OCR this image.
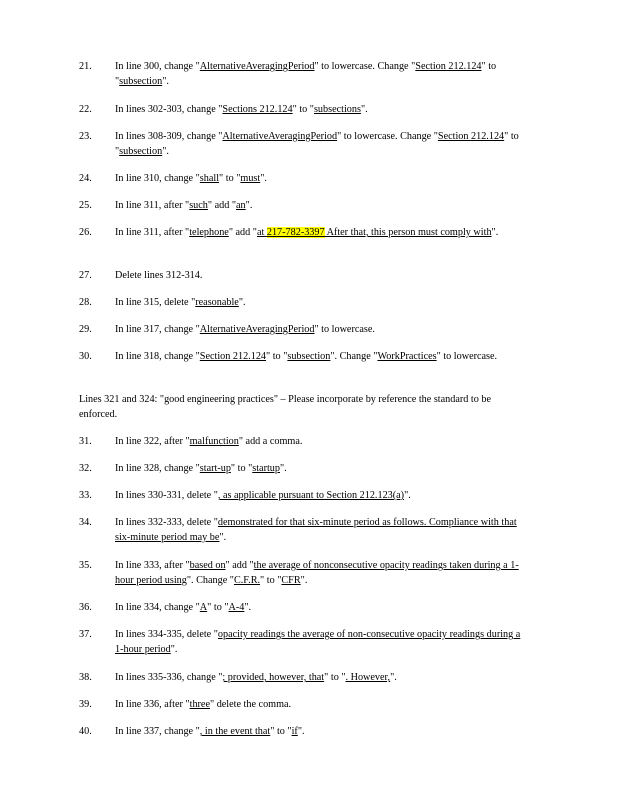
21. In line 300, change "AlternativeAveragingPeriod" to lowercase. Change "Section 212.124" to "subsection".
22. In lines 302-303, change "Sections 212.124" to "subsections".
23. In lines 308-309, change "AlternativeAveragingPeriod" to lowercase. Change "Section 212.124" to "subsection".
24. In line 310, change "shall" to "must".
25. In line 311, after "such" add "an".
26. In line 311, after "telephone" add "at 217-782-3397 After that, this person must comply with".
27. Delete lines 312-314.
28. In line 315, delete "reasonable".
29. In line 317, change "AlternativeAveragingPeriod" to lowercase.
30. In line 318, change "Section 212.124" to "subsection". Change "WorkPractices" to lowercase.
Lines 321 and 324: "good engineering practices" – Please incorporate by reference the standard to be enforced.
31. In line 322, after "malfunction" add a comma.
32. In line 328, change "start-up" to "startup".
33. In lines 330-331, delete ", as applicable pursuant to Section 212.123(a)".
34. In lines 332-333, delete "demonstrated for that six-minute period as follows. Compliance with that six-minute period may be".
35. In line 333, after "based on" add "the average of nonconsecutive opacity readings taken during a 1-hour period using". Change "C.F.R." to "CFR".
36. In line 334, change "A" to "A-4".
37. In lines 334-335, delete "opacity readings the average of non-consecutive opacity readings during a 1-hour period".
38. In lines 335-336, change "; provided, however, that" to ". However,".
39. In line 336, after "three" delete the comma.
40. In line 337, change ", in the event that" to "if".
